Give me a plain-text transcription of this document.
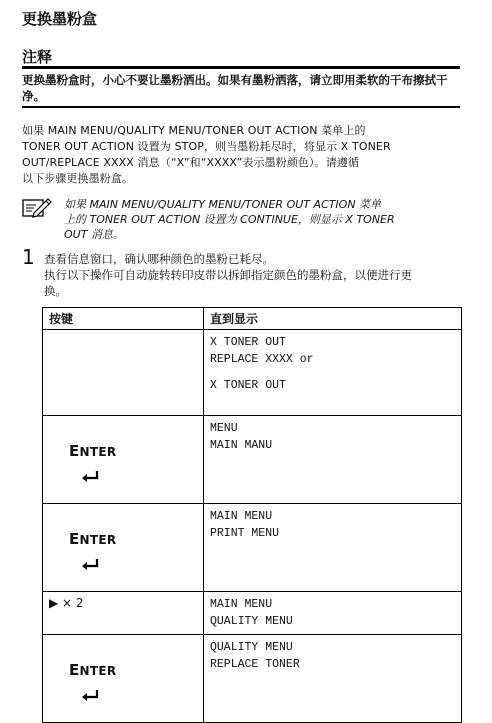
更换墨粉盒
注释
更换墨粉盒时，小心不要让墨粉洒出。如果有墨粉洒落，请立即用柔软的干布擦拭干净。
如果 MAIN MENU/QUALITY MENU/TONER OUT ACTION 菜单上的
TONER OUT ACTION 设置为 STOP，则当墨粉耗尽时，将显示 X TONER
OUT/REPLACE XXXX 消息（“X”和“XXXX”表示墨粉颜色）。请遵循
以下步骤更换墨粉盒。
如果 MAIN MENU/QUALITY MENU/TONER OUT ACTION 菜单
上的 TONER OUT ACTION 设置为 CONTINUE，则显示 X TONER
OUT 消息。
1 查看信息窗口，确认哪种颜色的墨粉已耗尽。
执行以下操作可自动旋转转印皮带以拆卸指定颜色的墨粉盒，以便进行更
换。
按键	直到显示

	X TONER OUT
REPLACE XXXX or
X TONER OUT

ENTER	MENU
MAIN MANU

ENTER	MAIN MENU
PRINT MENU

▶ × 2	MAIN MENU
QUALITY MENU

ENTER	QUALITY MENU
REPLACE TONER
